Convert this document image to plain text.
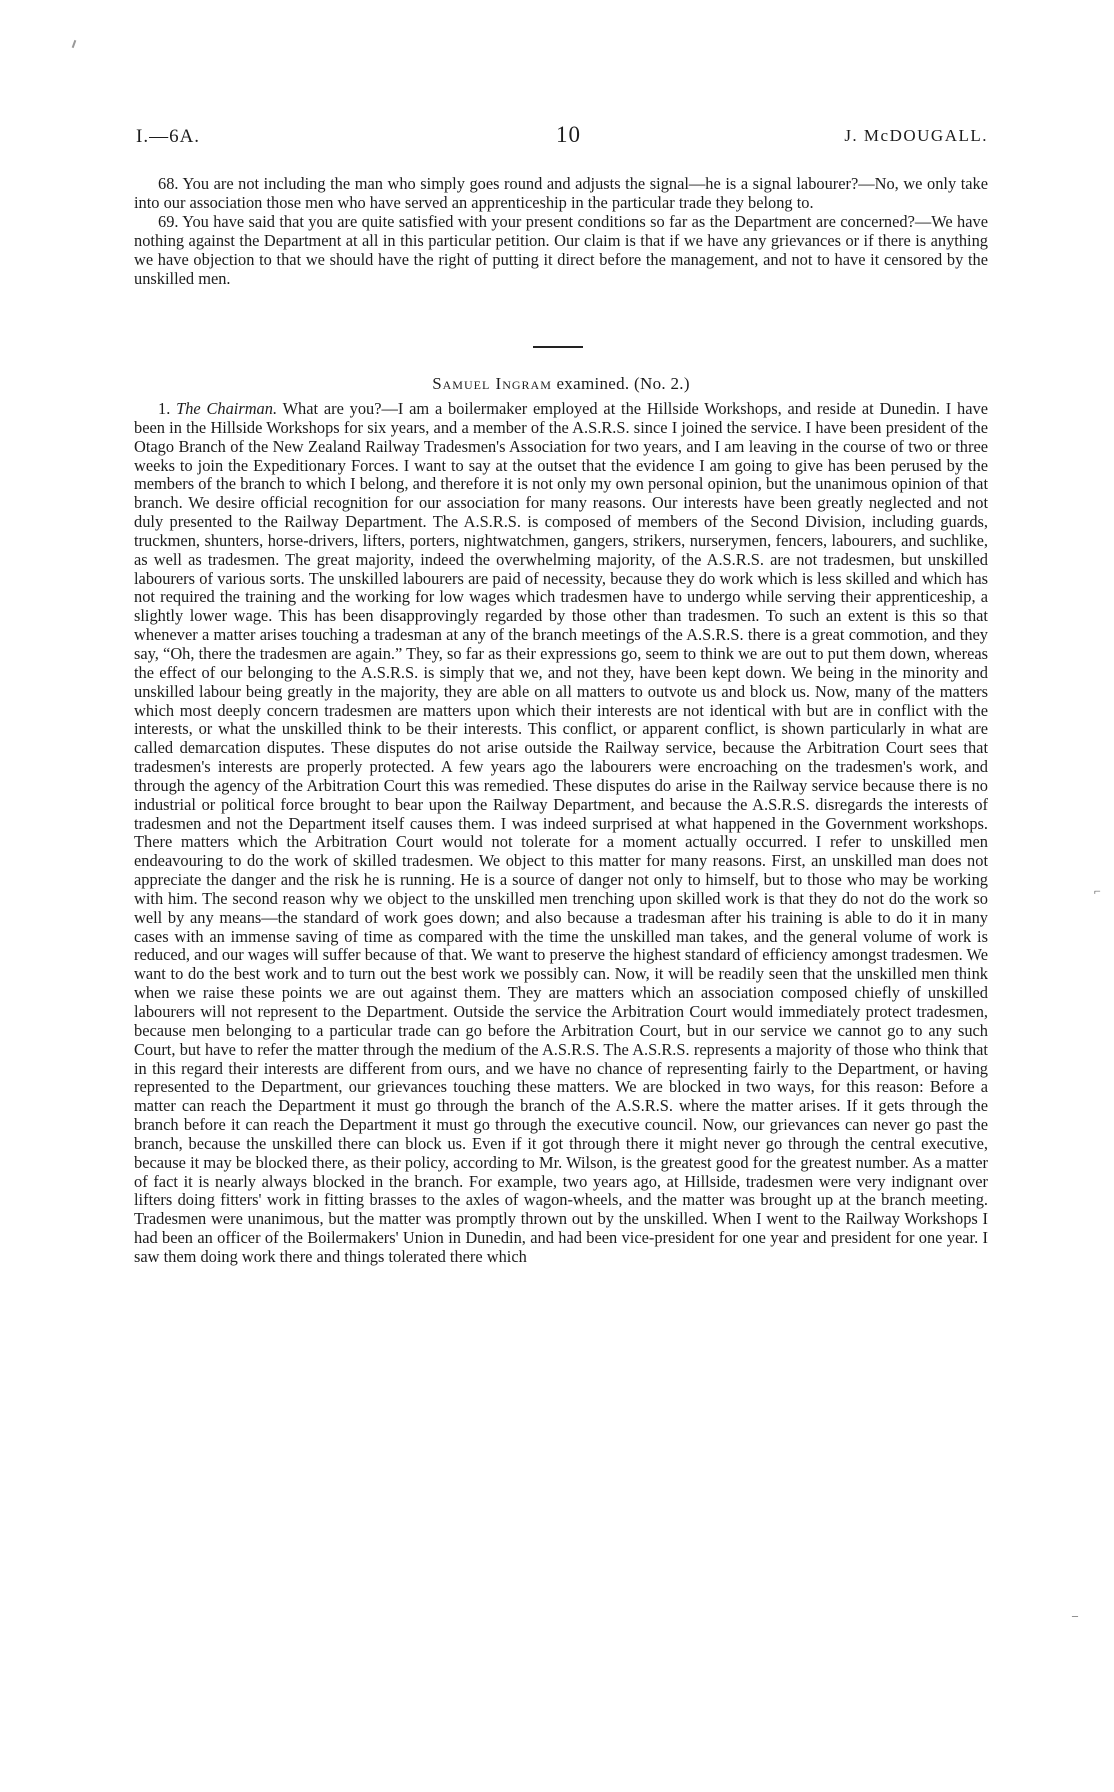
I.—6A.	10	J. McDOUGALL.

68. You are not including the man who simply goes round and adjusts the signal—he is a signal labourer?—No, we only take into our association those men who have served an apprenticeship in the particular trade they belong to.

69. You have said that you are quite satisfied with your present conditions so far as the Department are concerned?—We have nothing against the Department at all in this particular petition. Our claim is that if we have any grievances or if there is anything we have objection to that we should have the right of putting it direct before the management, and not to have it censored by the unskilled men.

Samuel Ingram examined. (No. 2.)

1. The Chairman. What are you?—I am a boilermaker employed at the Hillside Workshops, and reside at Dunedin. I have been in the Hillside Workshops for six years, and a member of the A.S.R.S. since I joined the service. I have been president of the Otago Branch of the New Zealand Railway Tradesmen's Association for two years, and I am leaving in the course of two or three weeks to join the Expeditionary Forces. I want to say at the outset that the evidence I am going to give has been perused by the members of the branch to which I belong, and therefore it is not only my own personal opinion, but the unanimous opinion of that branch. We desire official recognition for our association for many reasons. Our interests have been greatly neglected and not duly presented to the Railway Department. The A.S.R.S. is composed of members of the Second Division, including guards, truckmen, shunters, horse-drivers, lifters, porters, nightwatchmen, gangers, strikers, nurserymen, fencers, labourers, and suchlike, as well as tradesmen. The great majority, indeed the overwhelming majority, of the A.S.R.S. are not tradesmen, but unskilled labourers of various sorts. The unskilled labourers are paid of necessity, because they do work which is less skilled and which has not required the training and the working for low wages which tradesmen have to undergo while serving their apprenticeship, a slightly lower wage. This has been disapprovingly regarded by those other than tradesmen. To such an extent is this so that whenever a matter arises touching a tradesman at any of the branch meetings of the A.S.R.S. there is a great commotion, and they say, “Oh, there the tradesmen are again.” They, so far as their expressions go, seem to think we are out to put them down, whereas the effect of our belonging to the A.S.R.S. is simply that we, and not they, have been kept down. We being in the minority and unskilled labour being greatly in the majority, they are able on all matters to outvote us and block us. Now, many of the matters which most deeply concern tradesmen are matters upon which their interests are not identical with but are in conflict with the interests, or what the unskilled think to be their interests. This conflict, or apparent conflict, is shown particularly in what are called demarcation disputes. These disputes do not arise outside the Railway service, because the Arbitration Court sees that tradesmen's interests are properly protected. A few years ago the labourers were encroaching on the tradesmen's work, and through the agency of the Arbitration Court this was remedied. These disputes do arise in the Railway service because there is no industrial or political force brought to bear upon the Railway Department, and because the A.S.R.S. disregards the interests of tradesmen and not the Department itself causes them. I was indeed surprised at what happened in the Government workshops. There matters which the Arbitration Court would not tolerate for a moment actually occurred. I refer to unskilled men endeavouring to do the work of skilled tradesmen. We object to this matter for many reasons. First, an unskilled man does not appreciate the danger and the risk he is running. He is a source of danger not only to himself, but to those who may be working with him. The second reason why we object to the unskilled men trenching upon skilled work is that they do not do the work so well by any means—the standard of work goes down; and also because a tradesman after his training is able to do it in many cases with an immense saving of time as compared with the time the unskilled man takes, and the general volume of work is reduced, and our wages will suffer because of that. We want to preserve the highest standard of efficiency amongst tradesmen. We want to do the best work and to turn out the best work we possibly can. Now, it will be readily seen that the unskilled men think when we raise these points we are out against them. They are matters which an association composed chiefly of unskilled labourers will not represent to the Department. Outside the service the Arbitration Court would immediately protect tradesmen, because men belonging to a particular trade can go before the Arbitration Court, but in our service we cannot go to any such Court, but have to refer the matter through the medium of the A.S.R.S. The A.S.R.S. represents a majority of those who think that in this regard their interests are different from ours, and we have no chance of representing fairly to the Department, or having represented to the Department, our grievances touching these matters. We are blocked in two ways, for this reason: Before a matter can reach the Department it must go through the branch of the A.S.R.S. where the matter arises. If it gets through the branch before it can reach the Department it must go through the executive council. Now, our grievances can never go past the branch, because the unskilled there can block us. Even if it got through there it might never go through the central executive, because it may be blocked there, as their policy, according to Mr. Wilson, is the greatest good for the greatest number. As a matter of fact it is nearly always blocked in the branch. For example, two years ago, at Hillside, tradesmen were very indignant over lifters doing fitters' work in fitting brasses to the axles of wagon-wheels, and the matter was brought up at the branch meeting. Tradesmen were unanimous, but the matter was promptly thrown out by the unskilled. When I went to the Railway Workshops I had been an officer of the Boilermakers' Union in Dunedin, and had been vice-president for one year and president for one year. I saw them doing work there and things tolerated there which

⌐
–
